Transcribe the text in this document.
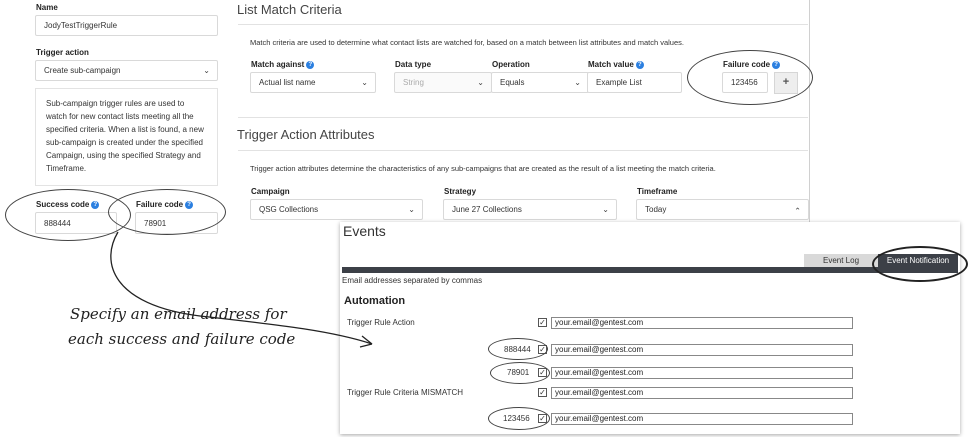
Name
JodyTestTriggerRule
Trigger action
Create sub-campaign	⌄
Sub-campaign trigger rules are used to watch for new contact lists meeting all the specified criteria. When a list is found, a new sub-campaign is created under the specified Campaign, using the specified Strategy and Timeframe.
Success code ?
888444
Failure code ?
78901
List Match Criteria
Match criteria are used to determine what contact lists are watched for, based on a match between list attributes and match values.
Match against ?
Actual list name	⌄
Data type
String	⌄
Operation
Equals	⌄
Match value ?
Example List
Failure code ?
123456	+
Trigger Action Attributes
Trigger action attributes determine the characteristics of any sub-campaigns that are created as the result of a list meeting the match criteria.
Campaign
QSG Collections	⌄
Strategy
June 27 Collections	⌄
Timeframe
Today	⌃
Events
Event Log	Event Notification
Email addresses separated by commas
Automation
Trigger Rule Action	✓	your.email@gentest.com
888444 ✓	your.email@gentest.com
78901 ✓	your.email@gentest.com
Trigger Rule Criteria MISMATCH	✓	your.email@gentest.com
123456 ✓	your.email@gentest.com
Specify an email address for
each success and failure code
